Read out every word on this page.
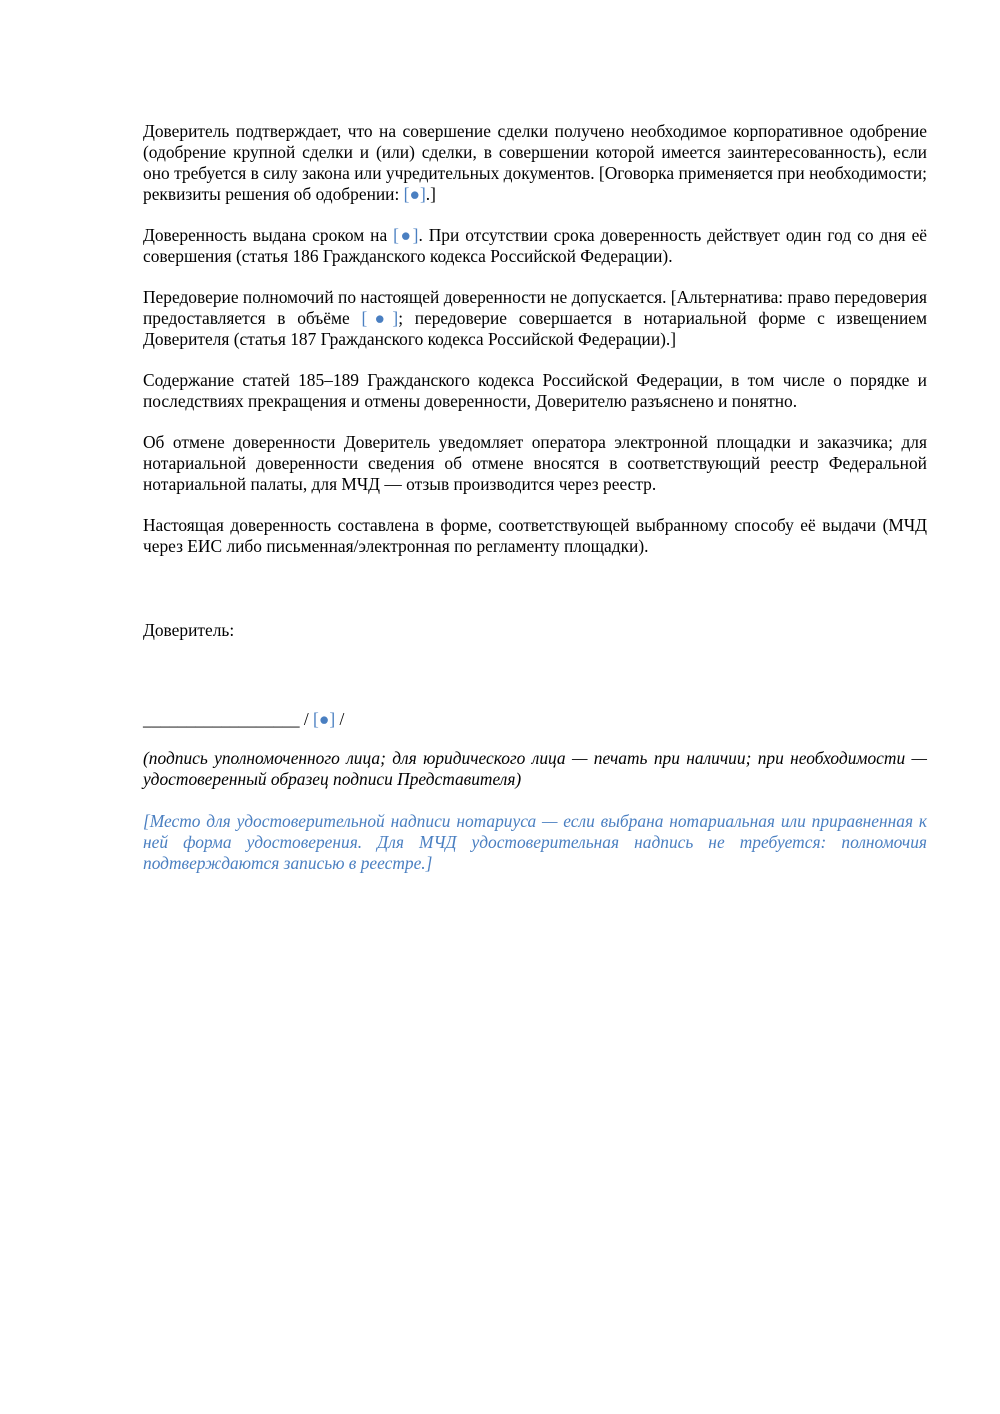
Доверитель подтверждает, что на совершение сделки получено необходимое корпоративное одобрение (одобрение крупной сделки и (или) сделки, в совершении которой имеется заинтересованность), если оно требуется в силу закона или учредительных документов. [Оговорка применяется при необходимости; реквизиты решения об одобрении: [●].]

Доверенность выдана сроком на [●]. При отсутствии срока доверенность действует один год со дня её совершения (статья 186 Гражданского кодекса Российской Федерации).

Передоверие полномочий по настоящей доверенности не допускается. [Альтернатива: право передоверия предоставляется в объёме [●]; передоверие совершается в нотариальной форме с извещением Доверителя (статья 187 Гражданского кодекса Российской Федерации).]

Содержание статей 185–189 Гражданского кодекса Российской Федерации, в том числе о порядке и последствиях прекращения и отмены доверенности, Доверителю разъяснено и понятно.

Об отмене доверенности Доверитель уведомляет оператора электронной площадки и заказчика; для нотариальной доверенности сведения об отмене вносятся в соответствующий реестр Федеральной нотариальной палаты, для МЧД — отзыв производится через реестр.

Настоящая доверенность составлена в форме, соответствующей выбранному способу её выдачи (МЧД через ЕИС либо письменная/электронная по регламенту площадки).

Доверитель:

__________________ / [●] /

(подпись уполномоченного лица; для юридического лица — печать при наличии; при необходимости — удостоверенный образец подписи Представителя)

[Место для удостоверительной надписи нотариуса — если выбрана нотариальная или приравненная к ней форма удостоверения. Для МЧД удостоверительная надпись не требуется: полномочия подтверждаются записью в реестре.]
